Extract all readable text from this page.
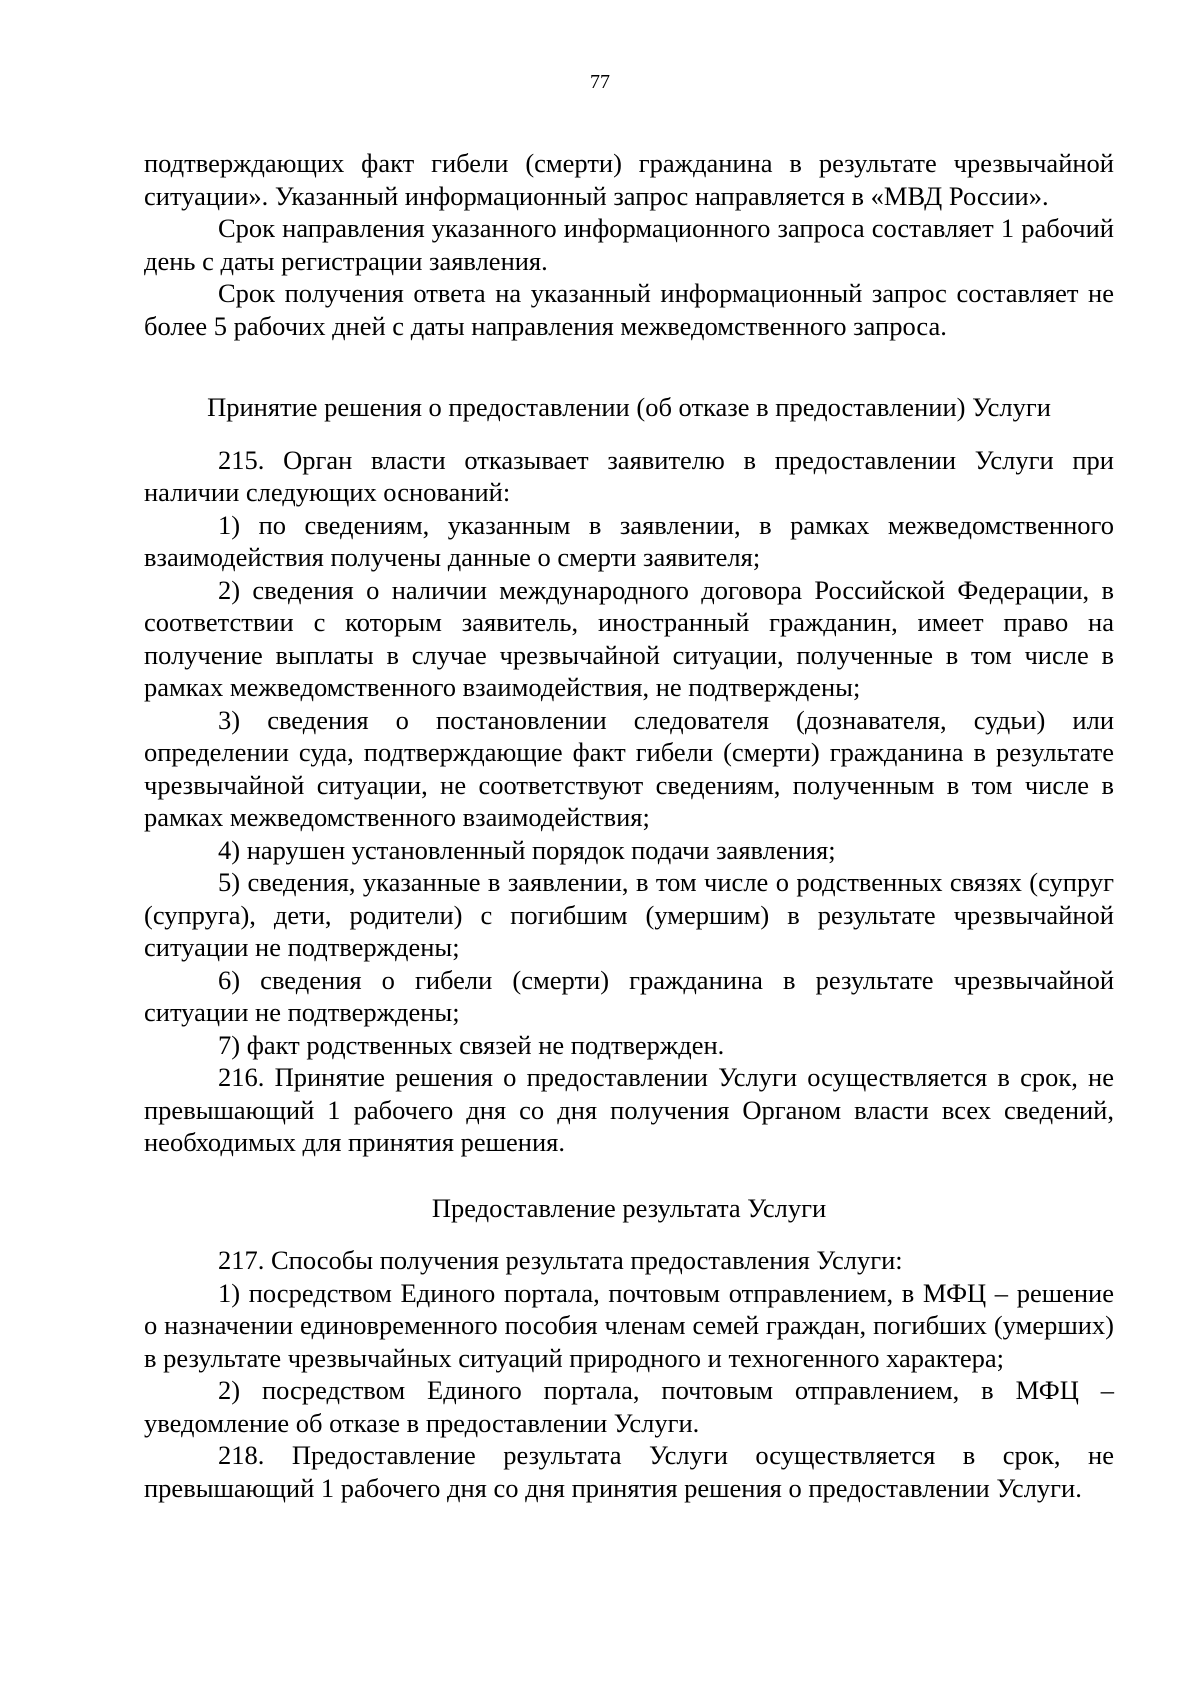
77

подтверждающих факт гибели (смерти) гражданина в результате чрезвычайной ситуации». Указанный информационный запрос направляется в «МВД России».

Срок направления указанного информационного запроса составляет 1 рабочий день с даты регистрации заявления.

Срок получения ответа на указанный информационный запрос составляет не более 5 рабочих дней с даты направления межведомственного запроса.

Принятие решения о предоставлении (об отказе в предоставлении) Услуги

215. Орган власти отказывает заявителю в предоставлении Услуги при наличии следующих оснований:

1) по сведениям, указанным в заявлении, в рамках межведомственного взаимодействия получены данные о смерти заявителя;

2) сведения о наличии международного договора Российской Федерации, в соответствии с которым заявитель, иностранный гражданин, имеет право на получение выплаты в случае чрезвычайной ситуации, полученные в том числе в рамках межведомственного взаимодействия, не подтверждены;

3) сведения о постановлении следователя (дознавателя, судьи) или определении суда, подтверждающие факт гибели (смерти) гражданина в результате чрезвычайной ситуации, не соответствуют сведениям, полученным в том числе в рамках межведомственного взаимодействия;

4) нарушен установленный порядок подачи заявления;

5) сведения, указанные в заявлении, в том числе о родственных связях (супруг (супруга), дети, родители) с погибшим (умершим) в результате чрезвычайной ситуации не подтверждены;

6) сведения о гибели (смерти) гражданина в результате чрезвычайной ситуации не подтверждены;

7) факт родственных связей не подтвержден.

216. Принятие решения о предоставлении Услуги осуществляется в срок, не превышающий 1 рабочего дня со дня получения Органом власти всех сведений, необходимых для принятия решения.

Предоставление результата Услуги

217. Способы получения результата предоставления Услуги:

1) посредством Единого портала, почтовым отправлением, в МФЦ – решение о назначении единовременного пособия членам семей граждан, погибших (умерших) в результате чрезвычайных ситуаций природного и техногенного характера;

2) посредством Единого портала, почтовым отправлением, в МФЦ – уведомление об отказе в предоставлении Услуги.

218. Предоставление результата Услуги осуществляется в срок, не превышающий 1 рабочего дня со дня принятия решения о предоставлении Услуги.
